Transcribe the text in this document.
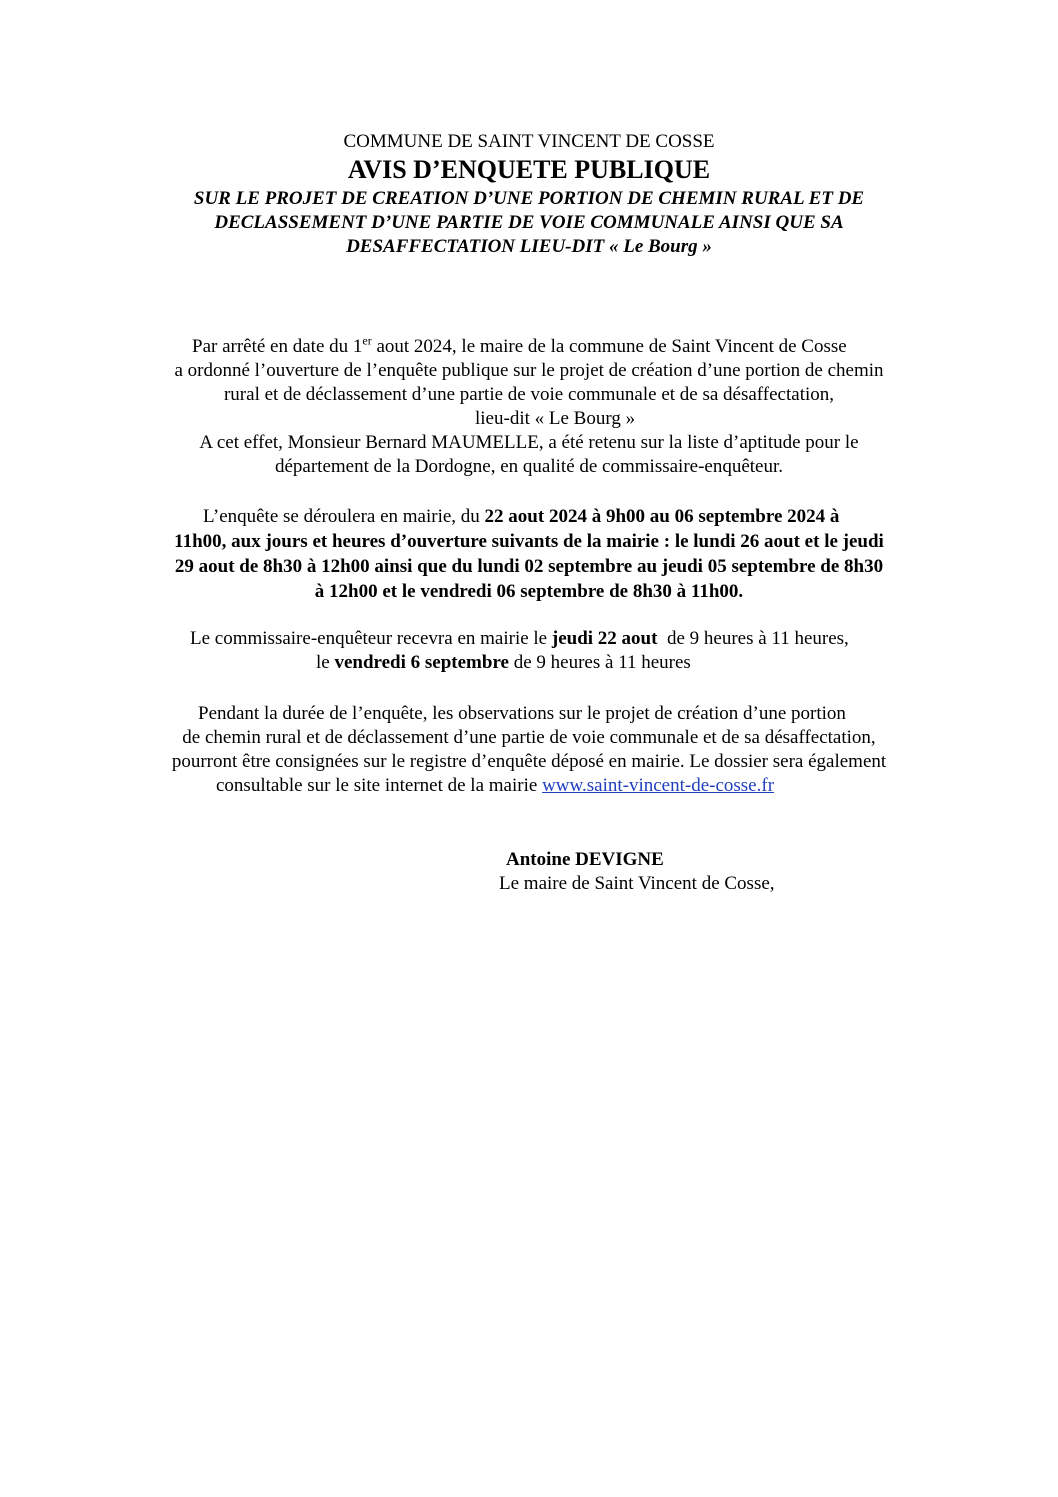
COMMUNE DE SAINT VINCENT DE COSSE
AVIS D’ENQUETE PUBLIQUE
SUR LE PROJET DE CREATION D’UNE PORTION DE CHEMIN RURAL ET DE
DECLASSEMENT D’UNE PARTIE DE VOIE COMMUNALE AINSI QUE SA
DESAFFECTATION LIEU-DIT « Le Bourg »
Par arrêté en date du 1er aout 2024, le maire de la commune de Saint Vincent de Cosse
a ordonné l’ouverture de l’enquête publique sur le projet de création d’une portion de chemin
rural et de déclassement d’une partie de voie communale et de sa désaffectation,
lieu-dit « Le Bourg »
A cet effet, Monsieur Bernard MAUMELLE, a été retenu sur la liste d’aptitude pour le
département de la Dordogne, en qualité de commissaire-enquêteur.
L’enquête se déroulera en mairie, du 22 aout 2024 à 9h00 au 06 septembre 2024 à
11h00, aux jours et heures d’ouverture suivants de la mairie : le lundi 26 aout et le jeudi
29 aout de 8h30 à 12h00 ainsi que du lundi 02 septembre au jeudi 05 septembre de 8h30
à 12h00 et le vendredi 06 septembre de 8h30 à 11h00.
Le commissaire-enquêteur recevra en mairie le jeudi 22 aout  de 9 heures à 11 heures,
le vendredi 6 septembre de 9 heures à 11 heures
Pendant la durée de l’enquête, les observations sur le projet de création d’une portion
de chemin rural et de déclassement d’une partie de voie communale et de sa désaffectation,
pourront être consignées sur le registre d’enquête déposé en mairie. Le dossier sera également
consultable sur le site internet de la mairie www.saint-vincent-de-cosse.fr
Antoine DEVIGNE
Le maire de Saint Vincent de Cosse,
